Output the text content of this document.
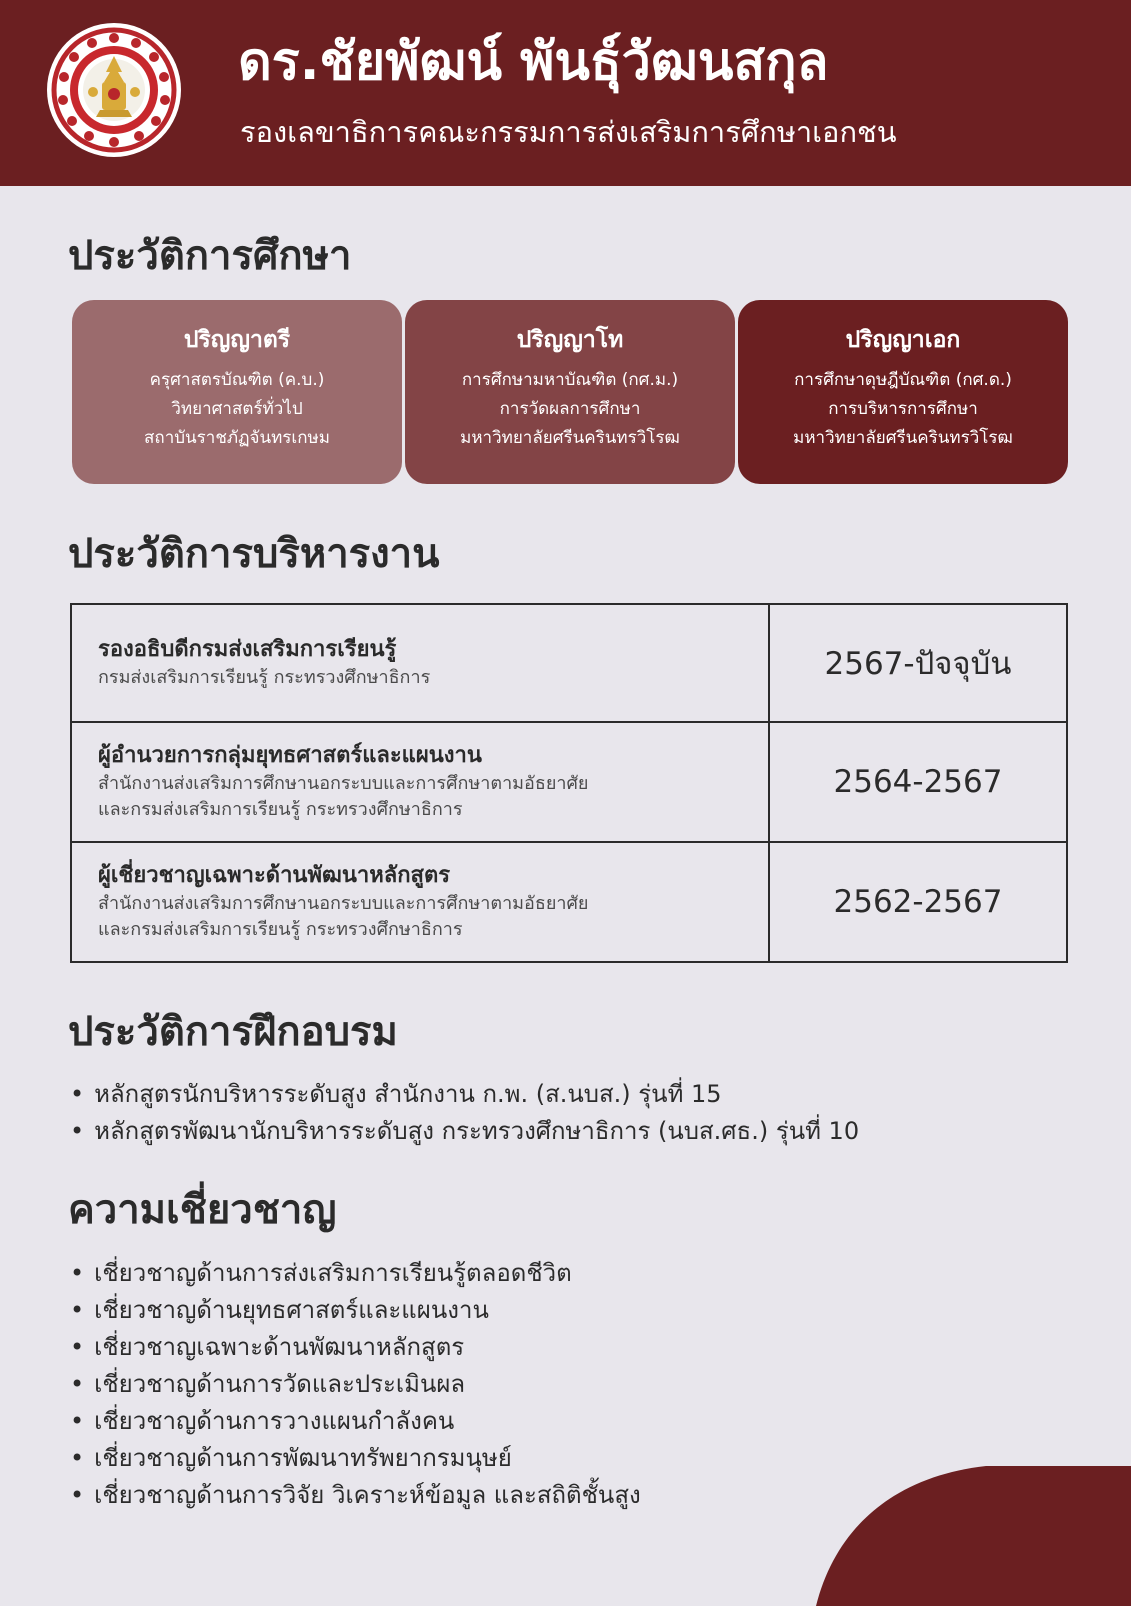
ดร.ชัยพัฒน์ พันธุ์วัฒนสกุล
รองเลขาธิการคณะกรรมการส่งเสริมการศึกษาเอกชน
ประวัติการศึกษา
ปริญญาตรี
ครุศาสตรบัณฑิต (ค.บ.)
วิทยาศาสตร์ทั่วไป
สถาบันราชภัฏจันทรเกษม
ปริญญาโท
การศึกษามหาบัณฑิต (กศ.ม.)
การวัดผลการศึกษา
มหาวิทยาลัยศรีนครินทรวิโรฒ
ปริญญาเอก
การศึกษาดุษฎีบัณฑิต (กศ.ด.)
การบริหารการศึกษา
มหาวิทยาลัยศรีนครินทรวิโรฒ
ประวัติการบริหารงาน
รองอธิบดีกรมส่งเสริมการเรียนรู้
กรมส่งเสริมการเรียนรู้ กระทรวงศึกษาธิการ	2567-ปัจจุบัน

ผู้อำนวยการกลุ่มยุทธศาสตร์และแผนงาน
สำนักงานส่งเสริมการศึกษานอกระบบและการศึกษาตามอัธยาศัย
และกรมส่งเสริมการเรียนรู้ กระทรวงศึกษาธิการ	2564-2567

ผู้เชี่ยวชาญเฉพาะด้านพัฒนาหลักสูตร
สำนักงานส่งเสริมการศึกษานอกระบบและการศึกษาตามอัธยาศัย
และกรมส่งเสริมการเรียนรู้ กระทรวงศึกษาธิการ	2562-2567
ประวัติการฝึกอบรม
• หลักสูตรนักบริหารระดับสูง สำนักงาน ก.พ. (ส.นบส.) รุ่นที่ 15
• หลักสูตรพัฒนานักบริหารระดับสูง กระทรวงศึกษาธิการ (นบส.ศธ.) รุ่นที่ 10
ความเชี่ยวชาญ
• เชี่ยวชาญด้านการส่งเสริมการเรียนรู้ตลอดชีวิต
• เชี่ยวชาญด้านยุทธศาสตร์และแผนงาน
• เชี่ยวชาญเฉพาะด้านพัฒนาหลักสูตร
• เชี่ยวชาญด้านการวัดและประเมินผล
• เชี่ยวชาญด้านการวางแผนกำลังคน
• เชี่ยวชาญด้านการพัฒนาทรัพยากรมนุษย์
• เชี่ยวชาญด้านการวิจัย วิเคราะห์ข้อมูล และสถิติชั้นสูง
